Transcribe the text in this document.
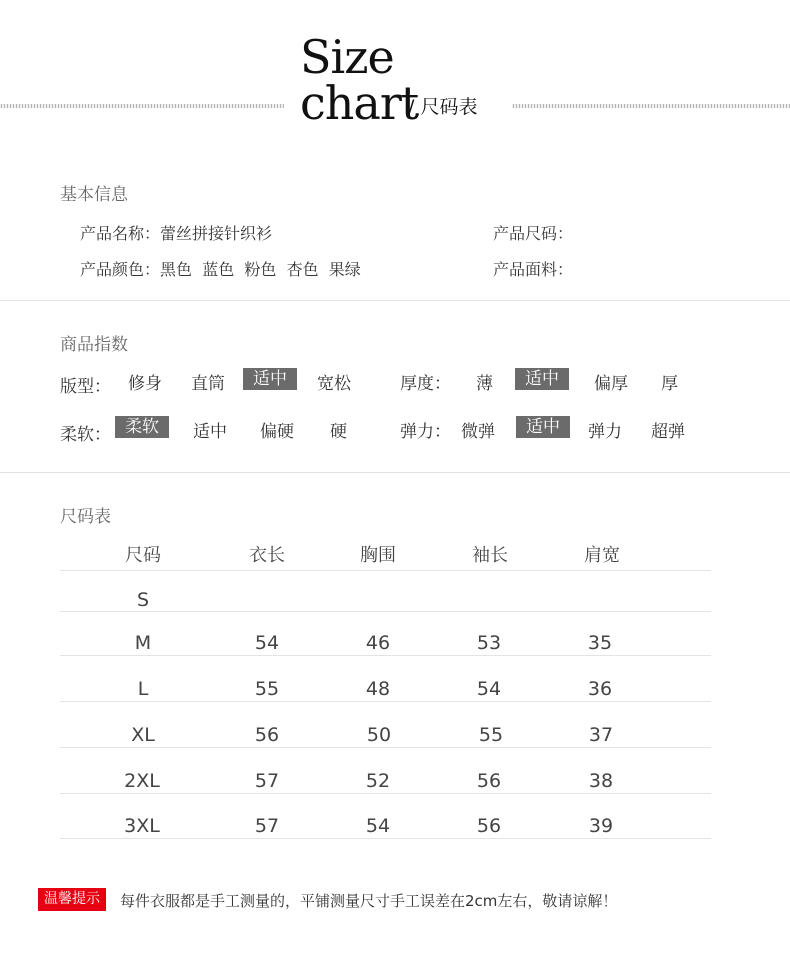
Size
chart
/ 尺码表
基本信息
产品名称：蕾丝拼接针织衫	产品尺码：
产品颜色：黑色 蓝色 粉色 杏色 果绿	产品面料：
商品指数
版型： 修身 直筒	适中	宽松	厚度： 薄	适中	偏厚 厚
柔软： 柔软	适中 偏硬 硬	弹力： 微弹	适中	弹力 超弹
尺码表
尺码	衣长	胸围	袖长	肩宽
S
M	54	46	53	35
L	55	48	54	36
XL	56	50	55	37
2XL	57	52	56	38
3XL	57	54	56	39
温馨提示	每件衣服都是手工测量的，平铺测量尺寸手工误差在2cm左右，敬请谅解！
